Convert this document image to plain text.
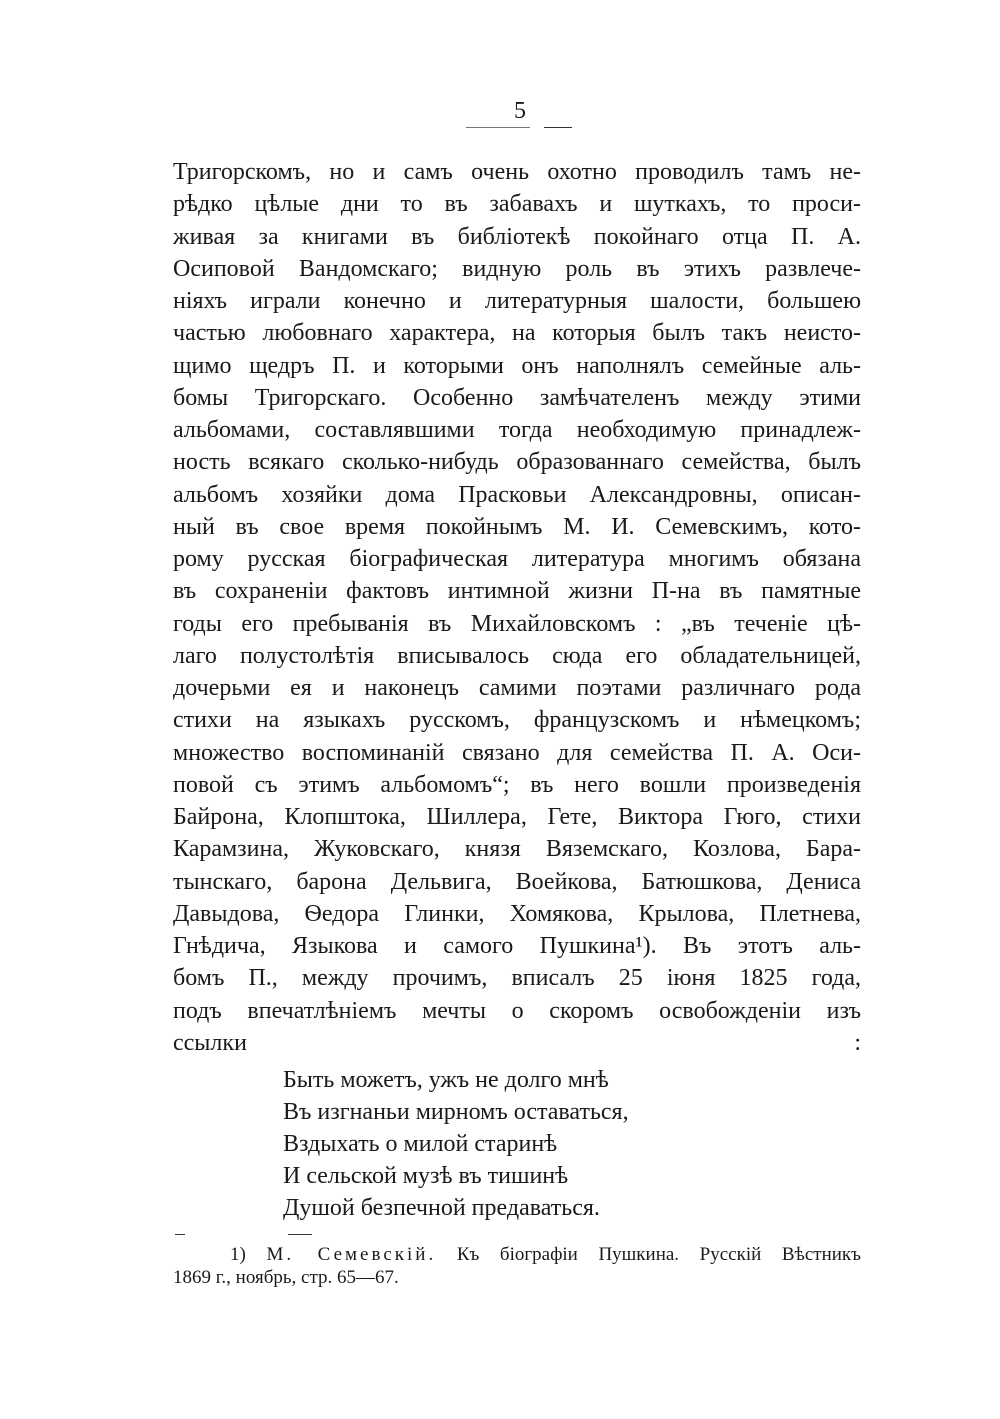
5
Тригорскомъ, но и самъ очень охотно проводилъ тамъ не-
рѣдко цѣлые дни то въ забавахъ и шуткахъ, то проси-
живая за книгами въ библіотекѣ покойнаго отца П. А.
Осиповой Вандомскаго; видную роль въ этихъ развлече-
ніяхъ играли конечно и литературныя шалости, большею
частью любовнаго характера, на которыя былъ такъ неисто-
щимо щедръ П. и которыми онъ наполнялъ семейные аль-
бомы Тригорскаго. Особенно замѣчателенъ между этими
альбомами, составлявшими тогда необходимую принадлеж-
ность всякаго сколько-нибудь образованнаго семейства, былъ
альбомъ хозяйки дома Прасковьи Александровны, описан-
ный въ свое время покойнымъ М. И. Семевскимъ, кото-
рому русская біографическая литература многимъ обязана
въ сохраненіи фактовъ интимной жизни П-на въ памятные
годы его пребыванія въ Михайловскомъ : „въ теченіе цѣ-
лаго полустолѣтія вписывалось сюда его обладательницей,
дочерьми ея и наконецъ самими поэтами различнаго рода
стихи на языкахъ русскомъ, французскомъ и нѣмецкомъ;
множество воспоминаній связано для семейства П. А. Оси-
повой съ этимъ альбомомъ“; въ него вошли произведенія
Байрона, Клопштока, Шиллера, Гете, Виктора Гюго, стихи
Карамзина, Жуковскаго, князя Вяземскаго, Козлова, Бара-
тынскаго, барона Дельвига, Воейкова, Батюшкова, Дениса
Давыдова, Ѳедора Глинки, Хомякова, Крылова, Плетнева,
Гнѣдича, Языкова и самого Пушкина¹). Въ этотъ аль-
бомъ П., между прочимъ, вписалъ 25 іюня 1825 года,
подъ впечатлѣніемъ мечты о скоромъ освобожденіи изъ
ссылки :
Быть можетъ, ужъ не долго мнѣ
Въ изгнаньи мирномъ оставаться,
Вздыхать о милой старинѣ
И сельской музѣ въ тишинѣ
Душой безпечной предаваться.
1) М. Семевскій. Къ біографіи Пушкина. Русскій Вѣстникъ
1869 г., ноябрь, стр. 65—67.
